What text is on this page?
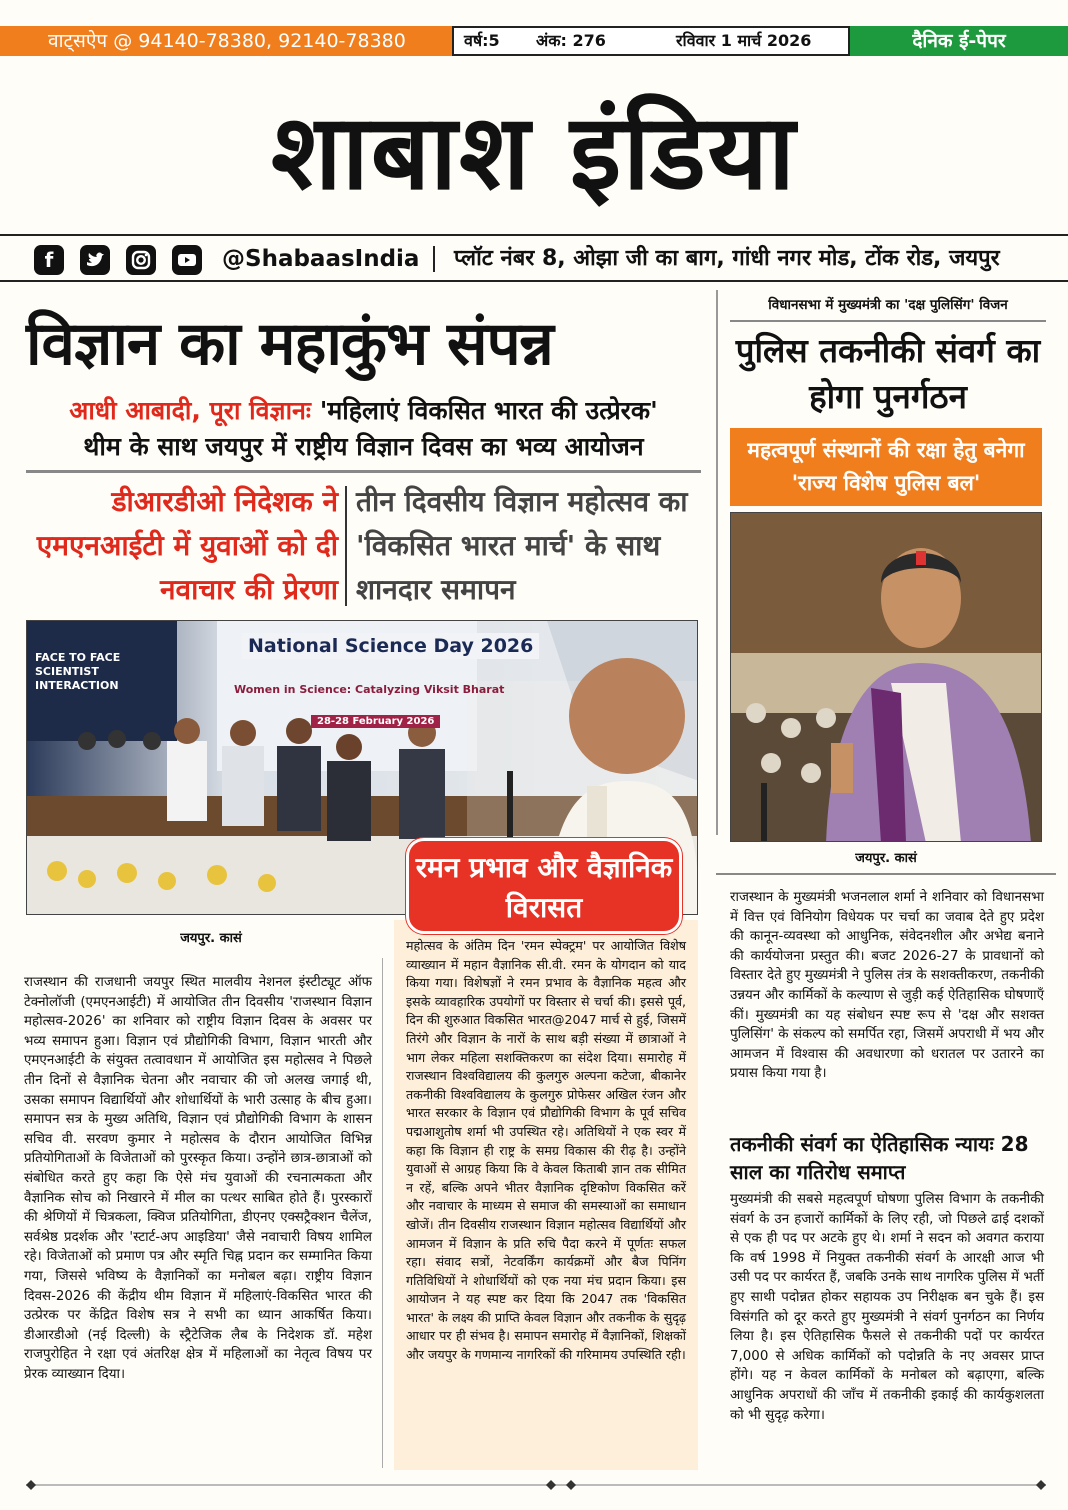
वाट्सऐप @ 94140-78380, 92140-78380	वर्ष:5 अंक: 276	रविवार 1 मार्च 2026	दैनिक ई-पेपर
शाबाश इंडिया
f	@ShabaasIndia प्लॉट नंबर 8, ओझा जी का बाग, गांधी नगर मोड, टोंक रोड, जयपुर
विज्ञान का महाकुंभ संपन्न
आधी आबादी, पूरा विज्ञानः 'महिलाएं विकसित भारत की उत्प्रेरक'
थीम के साथ जयपुर में राष्ट्रीय विज्ञान दिवस का भव्य आयोजन
डीआरडीओ निदेशक ने एमएनआईटी में युवाओं को दी नवाचार की प्रेरणा
तीन दिवसीय विज्ञान महोत्सव का 'विकसित भारत मार्च' के साथ शानदार समापन
National Science Day 2026
Women in Science: Catalyzing Viksit Bharat
28-28 February 2026
FACE TO FACE SCIENTIST INTERACTION
जयपुर. कासं
राजस्थान की राजधानी जयपुर स्थित मालवीय नेशनल इंस्टीट्यूट ऑफ टेक्नोलॉजी (एमएनआईटी) में आयोजित तीन दिवसीय 'राजस्थान विज्ञान महोत्सव-2026' का शनिवार को राष्ट्रीय विज्ञान दिवस के अवसर पर भव्य समापन हुआ। विज्ञान एवं प्रौद्योगिकी विभाग, विज्ञान भारती और एमएनआईटी के संयुक्त तत्वावधान में आयोजित इस महोत्सव ने पिछले तीन दिनों से वैज्ञानिक चेतना और नवाचार की जो अलख जगाई थी, उसका समापन विद्यार्थियों और शोधार्थियों के भारी उत्साह के बीच हुआ। समापन सत्र के मुख्य अतिथि, विज्ञान एवं प्रौद्योगिकी विभाग के शासन सचिव वी. सरवण कुमार ने महोत्सव के दौरान आयोजित विभिन्न प्रतियोगिताओं के विजेताओं को पुरस्कृत किया। उन्होंने छात्र-छात्राओं को संबोधित करते हुए कहा कि ऐसे मंच युवाओं की रचनात्मकता और वैज्ञानिक सोच को निखारने में मील का पत्थर साबित होते हैं। पुरस्कारों की श्रेणियों में चित्रकला, क्विज प्रतियोगिता, डीएनए एक्सट्रैक्शन चैलेंज, सर्वश्रेष्ठ प्रदर्शक और 'स्टार्ट-अप आइडिया' जैसे नवाचारी विषय शामिल रहे। विजेताओं को प्रमाण पत्र और स्मृति चिह्न प्रदान कर सम्मानित किया गया, जिससे भविष्य के वैज्ञानिकों का मनोबल बढ़ा। राष्ट्रीय विज्ञान दिवस-2026 की केंद्रीय थीम विज्ञान में महिलाएं-विकसित भारत की उत्प्रेरक पर केंद्रित विशेष सत्र ने सभी का ध्यान आकर्षित किया। डीआरडीओ (नई दिल्ली) के स्ट्रैटेजिक लैब के निदेशक डॉ. महेश राजपुरोहित ने रक्षा एवं अंतरिक्ष क्षेत्र में महिलाओं का नेतृत्व विषय पर प्रेरक व्याख्यान दिया।
महोत्सव के अंतिम दिन 'रमन स्पेक्ट्रम' पर आयोजित विशेष व्याख्यान में महान वैज्ञानिक सी.वी. रमन के योगदान को याद किया गया। विशेषज्ञों ने रमन प्रभाव के वैज्ञानिक महत्व और इसके व्यावहारिक उपयोगों पर विस्तार से चर्चा की। इससे पूर्व, दिन की शुरुआत विकसित भारत@2047 मार्च से हुई, जिसमें तिरंगे और विज्ञान के नारों के साथ बड़ी संख्या में छात्राओं ने भाग लेकर महिला सशक्तिकरण का संदेश दिया। समारोह में राजस्थान विश्वविद्यालय की कुलगुरु अल्पना कटेजा, बीकानेर तकनीकी विश्वविद्यालय के कुलगुरु प्रोफेसर अखिल रंजन और भारत सरकार के विज्ञान एवं प्रौद्योगिकी विभाग के पूर्व सचिव पद्मआशुतोष शर्मा भी उपस्थित रहे। अतिथियों ने एक स्वर में कहा कि विज्ञान ही राष्ट्र के समग्र विकास की रीढ़ है। उन्होंने युवाओं से आग्रह किया कि वे केवल किताबी ज्ञान तक सीमित न रहें, बल्कि अपने भीतर वैज्ञानिक दृष्टिकोण विकसित करें और नवाचार के माध्यम से समाज की समस्याओं का समाधान खोजें। तीन दिवसीय राजस्थान विज्ञान महोत्सव विद्यार्थियों और आमजन में विज्ञान के प्रति रुचि पैदा करने में पूर्णतः सफल रहा। संवाद सत्रों, नेटवर्किंग कार्यक्रमों और बैज पिनिंग गतिविधियों ने शोधार्थियों को एक नया मंच प्रदान किया। इस आयोजन ने यह स्पष्ट कर दिया कि 2047 तक 'विकसित भारत' के लक्ष्य की प्राप्ति केवल विज्ञान और तकनीक के सुदृढ़ आधार पर ही संभव है। समापन समारोह में वैज्ञानिकों, शिक्षकों और जयपुर के गणमान्य नागरिकों की गरिमामय उपस्थिति रही।
रमन प्रभाव और वैज्ञानिक विरासत
विधानसभा में मुख्यमंत्री का 'दक्ष पुलिसिंग' विजन
पुलिस तकनीकी संवर्ग का होगा पुनर्गठन
महत्वपूर्ण संस्थानों की रक्षा हेतु बनेगा 'राज्य विशेष पुलिस बल'
जयपुर. कासं
राजस्थान के मुख्यमंत्री भजनलाल शर्मा ने शनिवार को विधानसभा में वित्त एवं विनियोग विधेयक पर चर्चा का जवाब देते हुए प्रदेश की कानून-व्यवस्था को आधुनिक, संवेदनशील और अभेद्य बनाने की कार्ययोजना प्रस्तुत की। बजट 2026-27 के प्रावधानों को विस्तार देते हुए मुख्यमंत्री ने पुलिस तंत्र के सशक्तीकरण, तकनीकी उन्नयन और कार्मिकों के कल्याण से जुड़ी कई ऐतिहासिक घोषणाएँ कीं। मुख्यमंत्री का यह संबोधन स्पष्ट रूप से 'दक्ष और सशक्त पुलिसिंग' के संकल्प को समर्पित रहा, जिसमें अपराधी में भय और आमजन में विश्वास की अवधारणा को धरातल पर उतारने का प्रयास किया गया है।
तकनीकी संवर्ग का ऐतिहासिक न्यायः 28 साल का गतिरोध समाप्त
मुख्यमंत्री की सबसे महत्वपूर्ण घोषणा पुलिस विभाग के तकनीकी संवर्ग के उन हजारों कार्मिकों के लिए रही, जो पिछले ढाई दशकों से एक ही पद पर अटके हुए थे। शर्मा ने सदन को अवगत कराया कि वर्ष 1998 में नियुक्त तकनीकी संवर्ग के आरक्षी आज भी उसी पद पर कार्यरत हैं, जबकि उनके साथ नागरिक पुलिस में भर्ती हुए साथी पदोन्नत होकर सहायक उप निरीक्षक बन चुके हैं। इस विसंगति को दूर करते हुए मुख्यमंत्री ने संवर्ग पुनर्गठन का निर्णय लिया है। इस ऐतिहासिक फैसले से तकनीकी पदों पर कार्यरत 7,000 से अधिक कार्मिकों को पदोन्नति के नए अवसर प्राप्त होंगे। यह न केवल कार्मिकों के मनोबल को बढ़ाएगा, बल्कि आधुनिक अपराधों की जाँच में तकनीकी इकाई की कार्यकुशलता को भी सुदृढ़ करेगा।
